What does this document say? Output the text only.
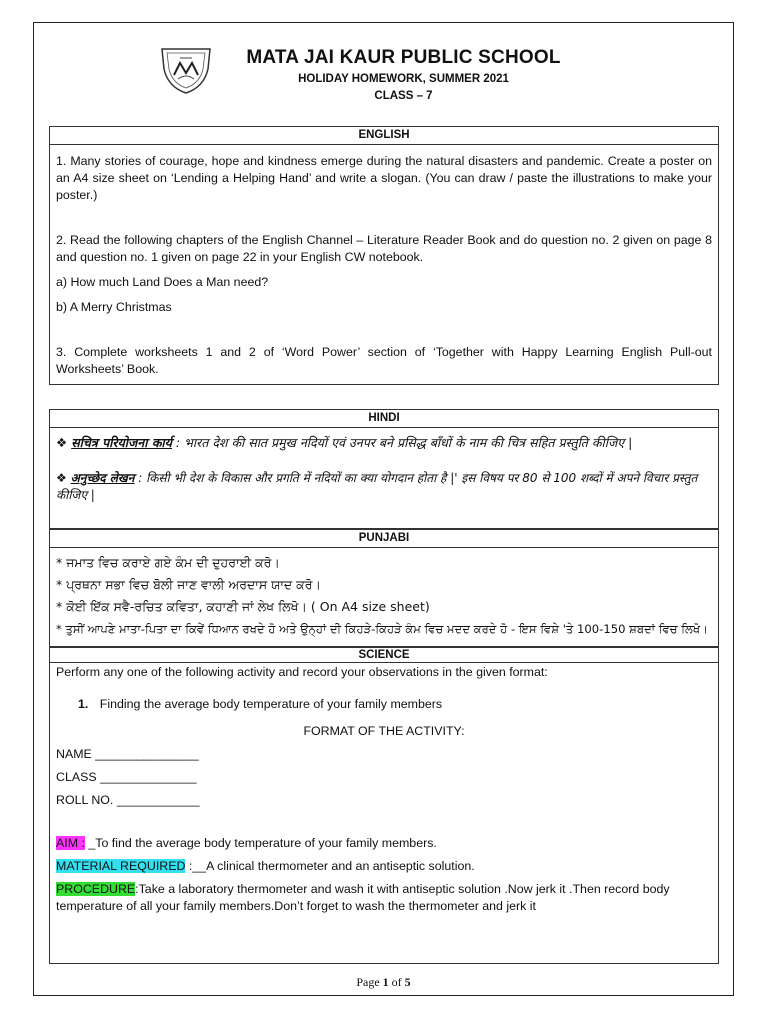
MATA JAI KAUR PUBLIC SCHOOL
HOLIDAY HOMEWORK, SUMMER 2021
CLASS – 7
ENGLISH
1. Many stories of courage, hope and kindness emerge during the natural disasters and pandemic. Create a poster on an A4 size sheet on ‘Lending a Helping Hand’ and write a slogan. (You can draw / paste the illustrations to make your poster.)
2. Read the following chapters of the English Channel – Literature Reader Book and do question no. 2 given on page 8 and question no. 1 given on page 22 in your English CW notebook.
a) How much Land Does a Man need?
b) A Merry Christmas
3. Complete worksheets 1 and 2 of ‘Word Power’ section of ‘Together with Happy Learning English Pull-out Worksheets’ Book.
HINDI
❖ सचित्र परियोजना कार्य : भारत देश की सात प्रमुख नदियों एवं उनपर बने प्रसिद्ध बाँधों के नाम की चित्र सहित प्रस्तुति कीजिए |
❖ अनुच्छेद लेखन : किसी भी देश के विकास और प्रगति में नदियों का क्या योगदान होता है |' इस विषय पर 80 से 100 शब्दों में अपने विचार प्रस्तुत कीजिए |
PUNJABI
* ਜਮਾਤ ਵਿਚ ਕਰਾਏ ਗਏ ਕੰਮ ਦੀ ਦੁਹਰਾਈ ਕਰੋ।
* ਪ੍ਰਥਨਾ ਸਭਾ ਵਿਚ ਬੋਲੀ ਜਾਣ ਵਾਲੀ ਅਰਦਾਸ ਯਾਦ ਕਰੋ।
* ਕੋਈ ਇੱਕ ਸਵੈ-ਰਚਿਤ ਕਵਿਤਾ, ਕਹਾਣੀ ਜਾਂ ਲੇਖ ਲਿਖੋ। ( On A4 size sheet)
* ਤੁਸੀਂ ਆਪਣੇ ਮਾਤਾ-ਪਿਤਾ ਦਾ ਕਿਵੇਂ ਧਿਆਨ ਰਖਦੇ ਹੋ ਅਤੇ ਉਨ੍ਹਾਂ ਦੀ ਕਿਹੜੇ-ਕਿਹੜੇ ਕੰਮ ਵਿਚ ਮਦਦ ਕਰਦੇ ਹੋ - ਇਸ ਵਿਸ਼ੇ 'ਤੇ 100-150 ਸ਼ਬਦਾਂ ਵਿਚ ਲਿਖੋ।
SCIENCE
Perform any one of the following activity and record your observations in the given format:
1. Finding the average body temperature of your family members
FORMAT OF THE ACTIVITY:
NAME _______________
CLASS ______________
ROLL NO. ____________
AIM : _To find the average body temperature of your family members.
MATERIAL REQUIRED :__A clinical thermometer and an antiseptic solution.
PROCEDURE:Take a laboratory thermometer and wash it with antiseptic solution .Now jerk it .Then record body temperature of all your family members.Don’t forget to wash the thermometer and jerk it
Page 1 of 5
